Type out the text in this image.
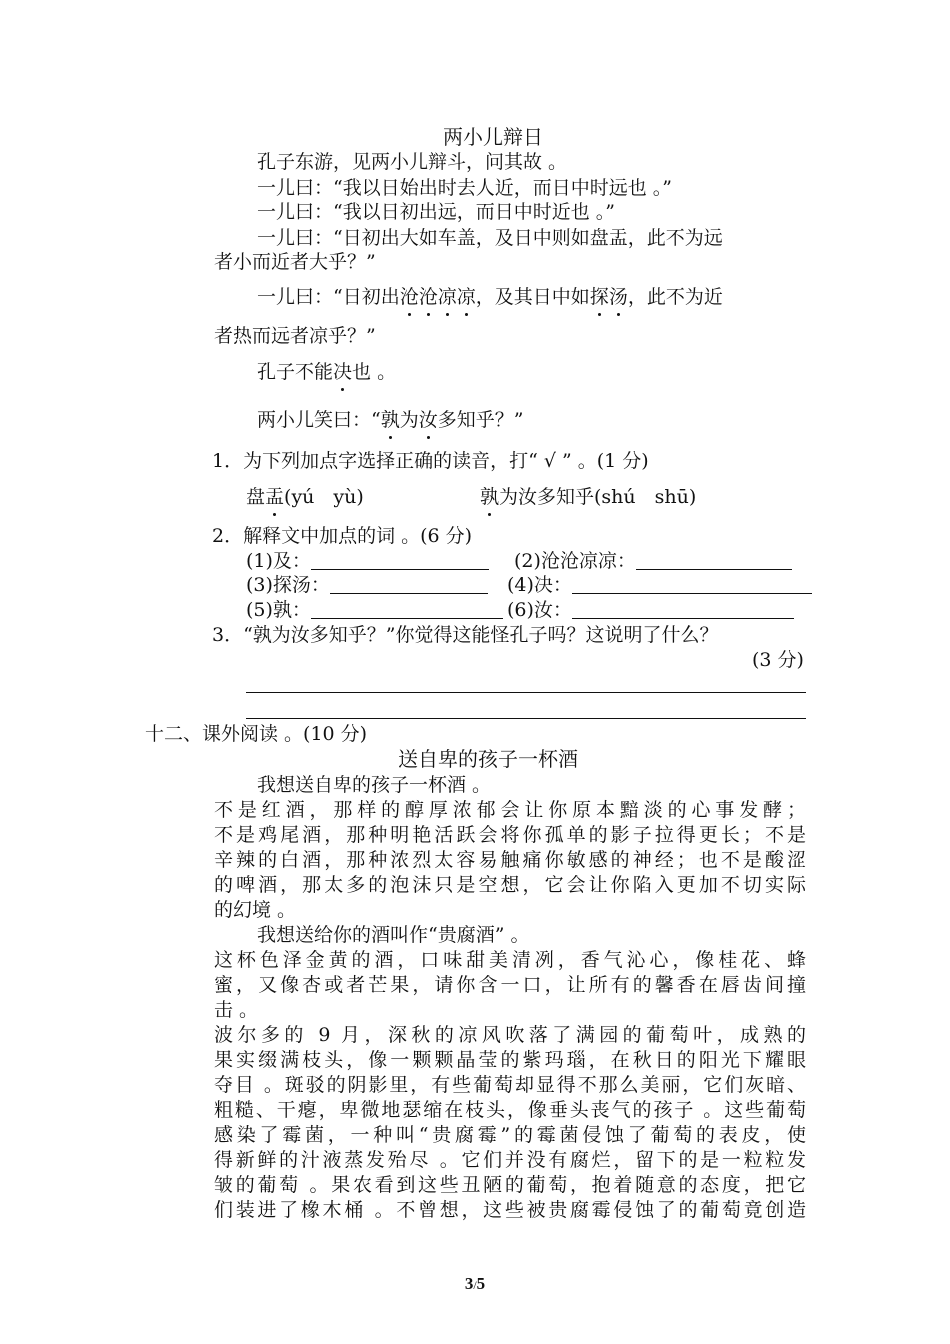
两小儿辩日
孔子东游，见两小儿辩斗，问其故 。
一儿曰：“我以日始出时去人近，而日中时远也 。”
一儿曰：“我以日初出远，而日中时近也 。”
一儿曰：“日初出大如车盖，及日中则如盘盂，此不为远
者小而近者大乎？”
一儿曰：“日初出沧沧凉凉，及其日中如探汤，此不为近
者热而远者凉乎？”
孔子不能决也 。
两小儿笑曰：“孰为汝多知乎？”
1．为下列加点字选择正确的读音，打“ √ ” 。(1 分)
盘盂(yú　yù)	孰为汝多知乎(shú　shū)
2．解释文中加点的词 。(6 分)
(1)及：	(2)沧沧凉凉：
(3)探汤：	(4)决：
(5)孰：	(6)汝：
3．“孰为汝多知乎？”你觉得这能怪孔子吗？这说明了什么？
(3 分)
十二、课外阅读 。(10 分)
送自卑的孩子一杯酒
我想送自卑的孩子一杯酒 。
不是红酒，那样的醇厚浓郁会让你原本黯淡的心事发酵；
不是鸡尾酒，那种明艳活跃会将你孤单的影子拉得更长；不是
辛辣的白酒，那种浓烈太容易触痛你敏感的神经；也不是酸涩
的啤酒，那太多的泡沫只是空想，它会让你陷入更加不切实际
的幻境 。
我想送给你的酒叫作“贵腐酒” 。
这杯色泽金黄的酒，口味甜美清冽，香气沁心，像桂花、蜂
蜜，又像杏或者芒果，请你含一口，让所有的馨香在唇齿间撞
击 。
波尔多的 9 月，深秋的凉风吹落了满园的葡萄叶，成熟的
果实缀满枝头，像一颗颗晶莹的紫玛瑙，在秋日的阳光下耀眼
夺目 。斑驳的阴影里，有些葡萄却显得不那么美丽，它们灰暗、
粗糙、干瘪，卑微地瑟缩在枝头，像垂头丧气的孩子 。这些葡萄
感染了霉菌，一种叫“贵腐霉”的霉菌侵蚀了葡萄的表皮，使
得新鲜的汁液蒸发殆尽 。它们并没有腐烂，留下的是一粒粒发
皱的葡萄 。果农看到这些丑陋的葡萄，抱着随意的态度，把它
们装进了橡木桶 。不曾想，这些被贵腐霉侵蚀了的葡萄竟创造
3/5
